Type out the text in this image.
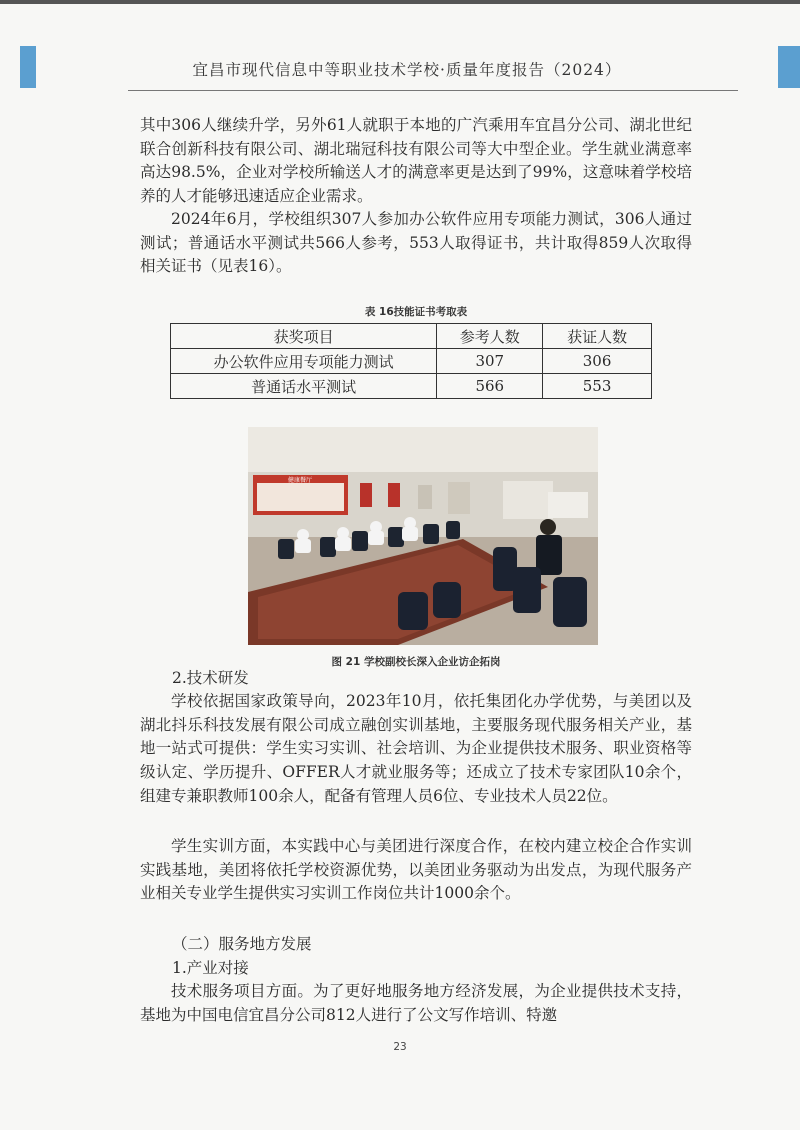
宜昌市现代信息中等职业技术学校·质量年度报告（2024）

其中306人继续升学，另外61人就职于本地的广汽乘用车宜昌分公司、湖北世纪联合创新科技有限公司、湖北瑞冠科技有限公司等大中型企业。学生就业满意率高达98.5%，企业对学校所输送人才的满意率更是达到了99%，这意味着学校培养的人才能够迅速适应企业需求。

2024年6月，学校组织307人参加办公软件应用专项能力测试，306人通过测试；普通话水平测试共566人参考，553人取得证书，共计取得859人次取得相关证书（见表16）。

表 16技能证书考取表
获奖项目	参考人数	获证人数
办公软件应用专项能力测试	307	306
普通话水平测试	566	553
健康餐厅
图 21 学校副校长深入企业访企拓岗
2.技术研发

学校依据国家政策导向，2023年10月，依托集团化办学优势，与美团以及湖北抖乐科技发展有限公司成立融创实训基地，主要服务现代服务相关产业，基地一站式可提供：学生实习实训、社会培训、为企业提供技术服务、职业资格等级认定、学历提升、OFFER人才就业服务等；还成立了技术专家团队10余个，组建专兼职教师100余人，配备有管理人员6位、专业技术人员22位。

学生实训方面，本实践中心与美团进行深度合作，在校内建立校企合作实训实践基地，美团将依托学校资源优势，以美团业务驱动为出发点，为现代服务产业相关专业学生提供实习实训工作岗位共计1000余个。

（二）服务地方发展
1.产业对接

技术服务项目方面。为了更好地服务地方经济发展，为企业提供技术支持，基地为中国电信宜昌分公司812人进行了公文写作培训、特邀

23
